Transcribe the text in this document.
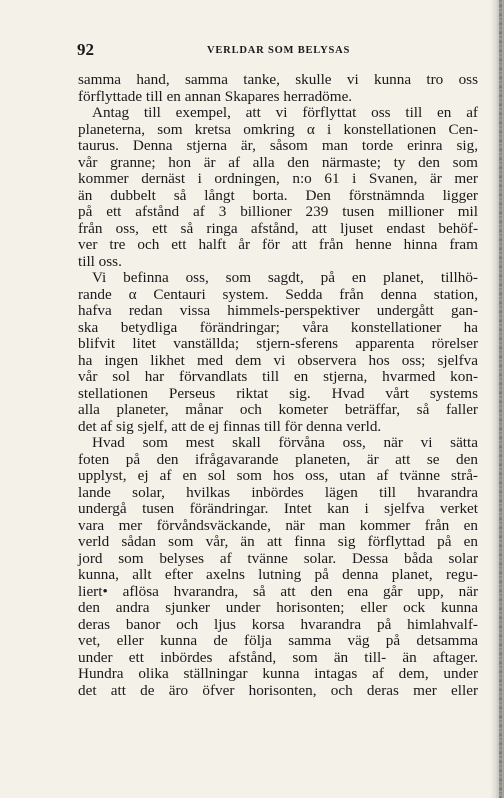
92	VERLDAR SOM BELYSAS
samma hand, samma tanke, skulle vi kunna tro oss
förflyttade till en annan Skapares herradöme.
Antag till exempel, att vi förflyttat oss till en af
planeterna, som kretsa omkring α i konstellationen Cen-
taurus. Denna stjerna är, såsom man torde erinra sig,
vår granne; hon är af alla den närmaste; ty den som
kommer dernäst i ordningen, n:o 61 i Svanen, är mer
än dubbelt så långt borta. Den förstnämnda ligger
på ett afstånd af 3 billioner 239 tusen millioner mil
från oss, ett så ringa afstånd, att ljuset endast behöf-
ver tre och ett halft år för att från henne hinna fram
till oss.
Vi befinna oss, som sagdt, på en planet, tillhö-
rande α Centauri system. Sedda från denna station,
hafva redan vissa himmels-perspektiver undergått gan-
ska betydliga förändringar; våra konstellationer ha
blifvit litet vanställda; stjern-sferens apparenta rörelser
ha ingen likhet med dem vi observera hos oss; sjelfva
vår sol har förvandlats till en stjerna, hvarmed kon-
stellationen Perseus riktat sig. Hvad vårt systems
alla planeter, månar och kometer beträffar, så faller
det af sig sjelf, att de ej finnas till för denna verld.
Hvad som mest skall förvåna oss, när vi sätta
foten på den ifrågavarande planeten, är att se den
upplyst, ej af en sol som hos oss, utan af tvänne strå-
lande solar, hvilkas inbördes lägen till hvarandra
undergå tusen förändringar. Intet kan i sjelfva verket
vara mer förvåndsväckande, när man kommer från en
verld sådan som vår, än att finna sig förflyttad på en
jord som belyses af tvänne solar. Dessa båda solar
kunna, allt efter axelns lutning på denna planet, regu-
liert• aflösa hvarandra, så att den ena går upp, när
den andra sjunker under horisonten; eller ock kunna
deras banor och ljus korsa hvarandra på himlahvalf-
vet, eller kunna de följa samma väg på detsamma
under ett inbördes afstånd, som än till- än aftager.
Hundra olika ställningar kunna intagas af dem, under
det att de äro öfver horisonten, och deras mer eller
